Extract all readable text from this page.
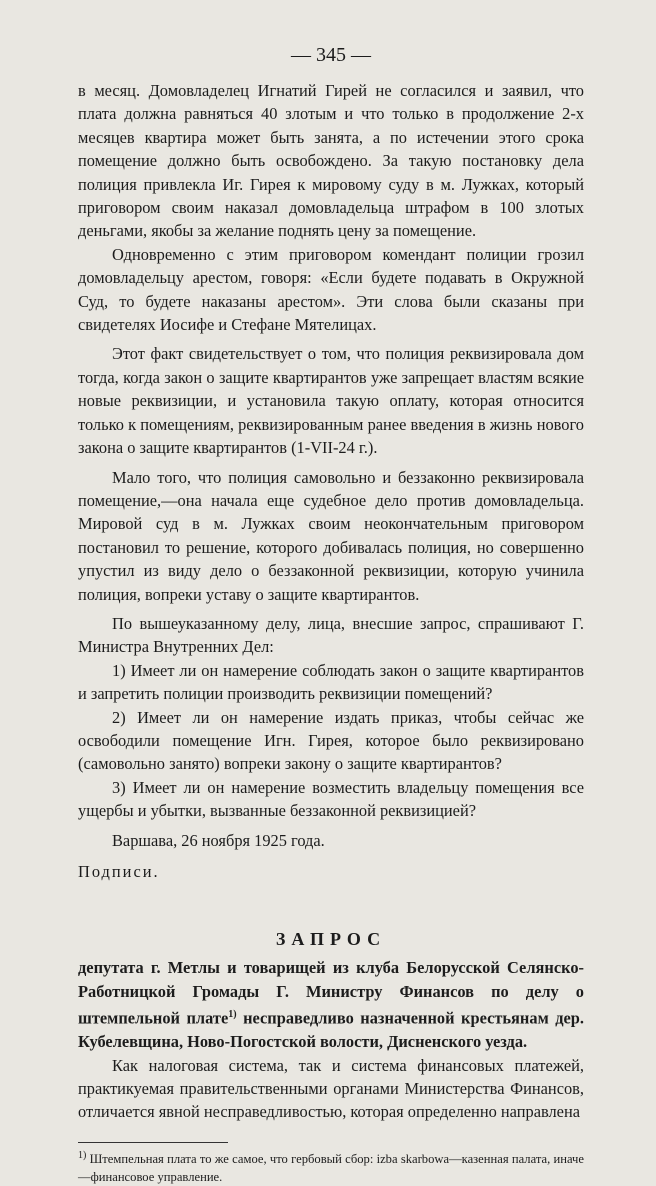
— 345 —

в месяц. Домовладелец Игнатий Гирей не согласился и заявил, что плата должна равняться 40 злотым и что только в продолжение 2-х месяцев квартира может быть занята, а по истечении этого срока помещение должно быть освобождено. За такую постановку дела полиция привлекла Иг. Гирея к мировому суду в м. Лужках, который приговором своим наказал домовладельца штрафом в 100 злотых деньгами, якобы за желание поднять цену за помещение.

Одновременно с этим приговором комендант полиции грозил домовладельцу арестом, говоря: «Если будете подавать в Окружной Суд, то будете наказаны арестом». Эти слова были сказаны при свидетелях Иосифе и Стефане Мятелицах.

Этот факт свидетельствует о том, что полиция реквизировала дом тогда, когда закон о защите квартирантов уже запрещает властям всякие новые реквизиции, и установила такую оплату, которая относится только к помещениям, реквизированным ранее введения в жизнь нового закона о защите квартирантов (1-VII-24 г.).

Мало того, что полиция самовольно и беззаконно реквизировала помещение,—она начала еще судебное дело против домовладельца. Мировой суд в м. Лужках своим неокончательным приговором постановил то решение, которого добивалась полиция, но совершенно упустил из виду дело о беззаконной реквизиции, которую учинила полиция, вопреки уставу о защите квартирантов.

По вышеуказанному делу, лица, внесшие запрос, спрашивают Г. Министра Внутренних Дел:

1) Имеет ли он намерение соблюдать закон о защите квартирантов и запретить полиции производить реквизиции помещений?

2) Имеет ли он намерение издать приказ, чтобы сейчас же освободили помещение Игн. Гирея, которое было реквизировано (самовольно занято) вопреки закону о защите квартирантов?

3) Имеет ли он намерение возместить владельцу помещения все ущербы и убытки, вызванные беззаконной реквизицией?

Варшава, 26 ноября 1925 года.

Подписи.

ЗАПРОС

депутата г. Метлы и товарищей из клуба Белорусской Селянско-Работницкой Громады Г. Министру Финансов по делу о штемпельной плате$^{1)}$ несправедливо назначенной крестьянам дер. Кубелевщина, Ново-Погостской волости, Дисненского уезда.

Как налоговая система, так и система финансовых платежей, практикуемая правительственными органами Министерства Финансов, отличается явной несправедливостью, которая определенно направлена

$^{1)}$ Штемпельная плата то же самое, что гербовый сбор: izba skarbowa—казенная палата, иначе—финансовое управление.
